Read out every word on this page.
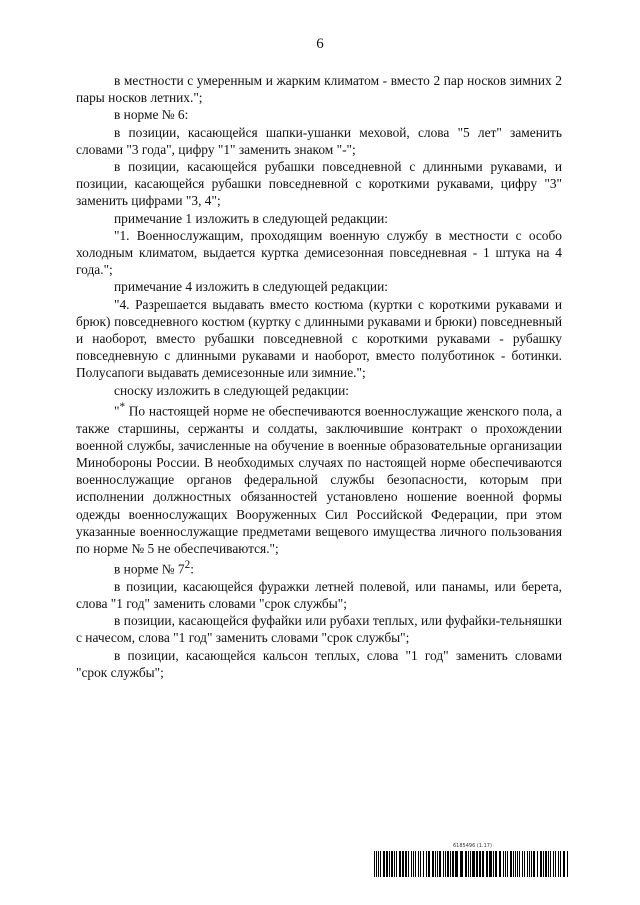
6

в местности с умеренным и жарким климатом - вместо 2 пар носков зимних 2 пары носков летних.";

в норме № 6:

в позиции, касающейся шапки-ушанки меховой, слова "5 лет" заменить словами "3 года", цифру "1" заменить знаком "-";

в позиции, касающейся рубашки повседневной с длинными рукавами, и позиции, касающейся рубашки повседневной с короткими рукавами, цифру "3" заменить цифрами "3, 4";

примечание 1 изложить в следующей редакции:

"1. Военнослужащим, проходящим военную службу в местности с особо холодным климатом, выдается куртка демисезонная повседневная - 1 штука на 4 года.";

примечание 4 изложить в следующей редакции:

"4. Разрешается выдавать вместо костюма (куртки с короткими рукавами и брюк) повседневного костюм (куртку с длинными рукавами и брюки) повседневный и наоборот, вместо рубашки повседневной с короткими рукавами - рубашку повседневную с длинными рукавами и наоборот, вместо полуботинок - ботинки. Полусапоги выдавать демисезонные или зимние.";

сноску изложить в следующей редакции:

"* По настоящей норме не обеспечиваются военнослужащие женского пола, а также старшины, сержанты и солдаты, заключившие контракт о прохождении военной службы, зачисленные на обучение в военные образовательные организации Минобороны России. В необходимых случаях по настоящей норме обеспечиваются военнослужащие органов федеральной службы безопасности, которым при исполнении должностных обязанностей установлено ношение военной формы одежды военнослужащих Вооруженных Сил Российской Федерации, при этом указанные военнослужащие предметами вещевого имущества личного пользования по норме № 5 не обеспечиваются.";

в норме № $7^2$:

в позиции, касающейся фуражки летней полевой, или панамы, или берета, слова "1 год" заменить словами "срок службы";

в позиции, касающейся фуфайки или рубахи теплых, или фуфайки-тельняшки с начесом, слова "1 год" заменить словами "срок службы";

в позиции, касающейся кальсон теплых, слова "1 год" заменить словами "срок службы";

6185496 (1.17)
